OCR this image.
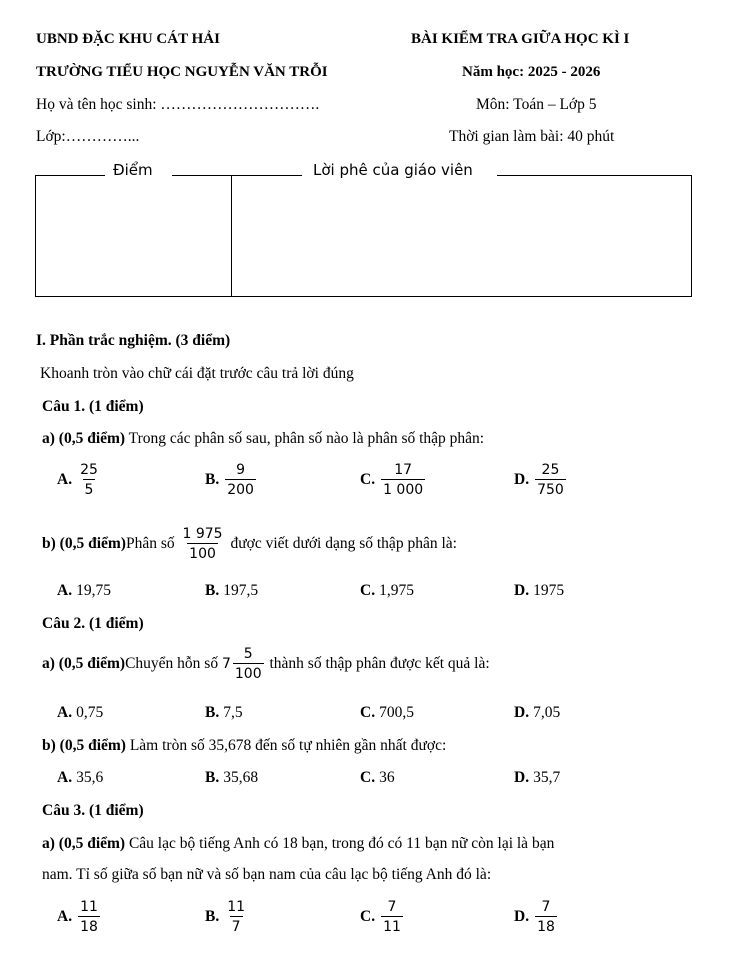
UBND ĐẶC KHU CÁT HẢI
TRƯỜNG TIỂU HỌC NGUYỄN VĂN TRỖI
Họ và tên học sinh: ………………………….
Lớp:…………...
BÀI KIỂM TRA GIỮA HỌC KÌ I
Năm học: 2025 - 2026
Môn: Toán – Lớp 5
Thời gian làm bài: 40 phút
Điểm	Lời phê của giáo viên
I. Phần trắc nghiệm. (3 điểm)
Khoanh tròn vào chữ cái đặt trước câu trả lời đúng
Câu 1. (1 điểm)
a) (0,5 điểm) Trong các phân số sau, phân số nào là phân số thập phân:
A. $\frac{25}{5}$	B. $\frac{9}{200}$	C. $\frac{17}{1 000}$	D. $\frac{25}{750}$
b) (0,5 điểm) Phân số
$\frac{1 975}{100}$
được viết dưới dạng số thập phân là:
A. 19,75	B. 197,5	C. 1,975	D. 1975
Câu 2. (1 điểm)
a) (0,5 điểm) Chuyển hỗn số
$7 \frac{5}{100}$
thành số thập phân được kết quả là:
A. 0,75	B. 7,5	C. 700,5	D. 7,05
b) (0,5 điểm) Làm tròn số 35,678 đến số tự nhiên gần nhất được:
A. 35,6	B. 35,68	C. 36	D. 35,7
Câu 3. (1 điểm)
a) (0,5 điểm) Câu lạc bộ tiếng Anh có 18 bạn, trong đó có 11 bạn nữ còn lại là bạn
nam. Tỉ số giữa số bạn nữ và số bạn nam của câu lạc bộ tiếng Anh đó là:
A. $\frac{11}{18}$	B. $\frac{11}{7}$	C. $\frac{7}{11}$	D. $\frac{7}{18}$
